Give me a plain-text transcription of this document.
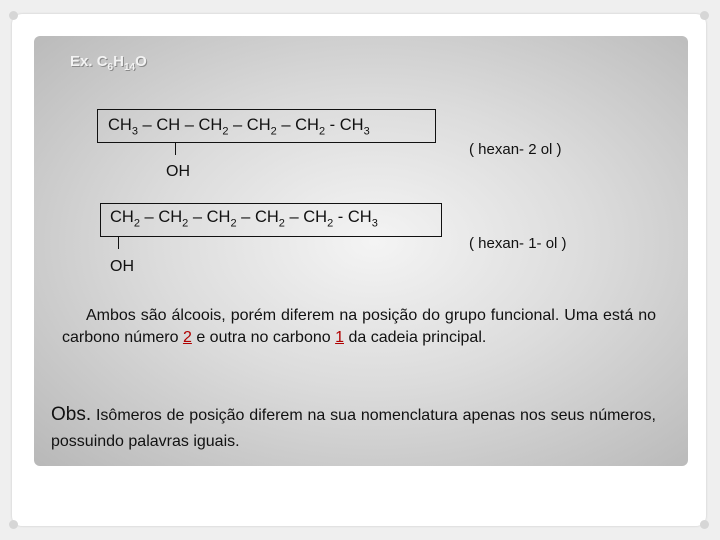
Ex. $C_6H_{14}O$
$CH_3$ – CH – $CH_2 - CH_2 - CH_2 - CH_3$
OH
( hexan- 2 ol )
$CH_2 - CH_2 - CH_2 - CH_2 - CH_2 - CH_3$
OH
( hexan- 1- ol )

Ambos são álcoois, porém diferem na posição do grupo funcional. Uma está no carbono número 2 e outra no carbono 1 da cadeia principal.

Obs. Isômeros de posição diferem na sua nomenclatura apenas nos seus números, possuindo palavras iguais.
